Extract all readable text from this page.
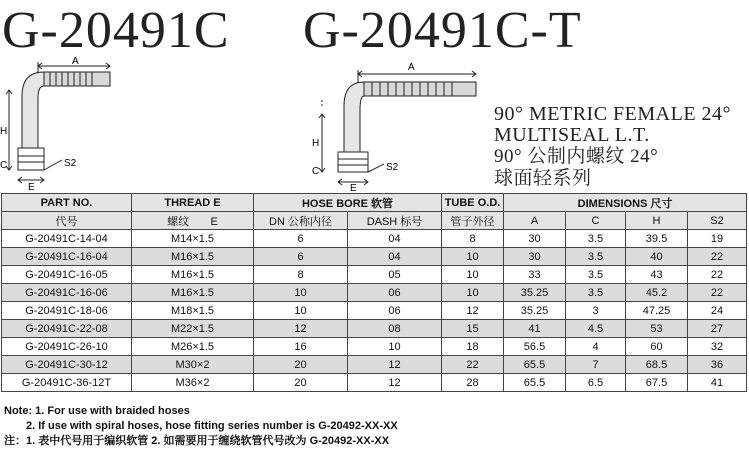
G-20491C G-20491C-T
A
H
C
E
S2
A
H
C
E
S2
90° METRIC FEMALE 24°
MULTISEAL L.T.
90° 公制内螺纹 24°
球面轻系列
PART NO.	THREAD E	HOSE BORE 软管		TUBE O.D.	DIMENSIONS 尺寸			
代号	螺纹 E	DN 公称内径	DASH 标号	管子外径	A	C	H	S2
G-20491C-14-04	M14×1.5	6	04	8	30	3.5	39.5	19
G-20491C-16-04	M16×1.5	6	04	10	30	3.5	40	22
G-20491C-16-05	M16×1.5	8	05	10	33	3.5	43	22
G-20491C-16-06	M16×1.5	10	06	10	35.25	3.5	45.2	22
G-20491C-18-06	M18×1.5	10	06	12	35.25	3	47.25	24
G-20491C-22-08	M22×1.5	12	08	15	41	4.5	53	27
G-20491C-26-10	M26×1.5	16	10	18	56.5	4	60	32
G-20491C-30-12	M30×2	20	12	22	65.5	7	68.5	36
G-20491C-36-12T	M36×2	20	12	28	65.5	6.5	67.5	41
Note: 1. For use with braided hoses
2. If use with spiral hoses, hose fitting series number is G-20492-XX-XX
注：1. 表中代号用于编织软管 2. 如需要用于缠绕软管代号改为 G-20492-XX-XX
